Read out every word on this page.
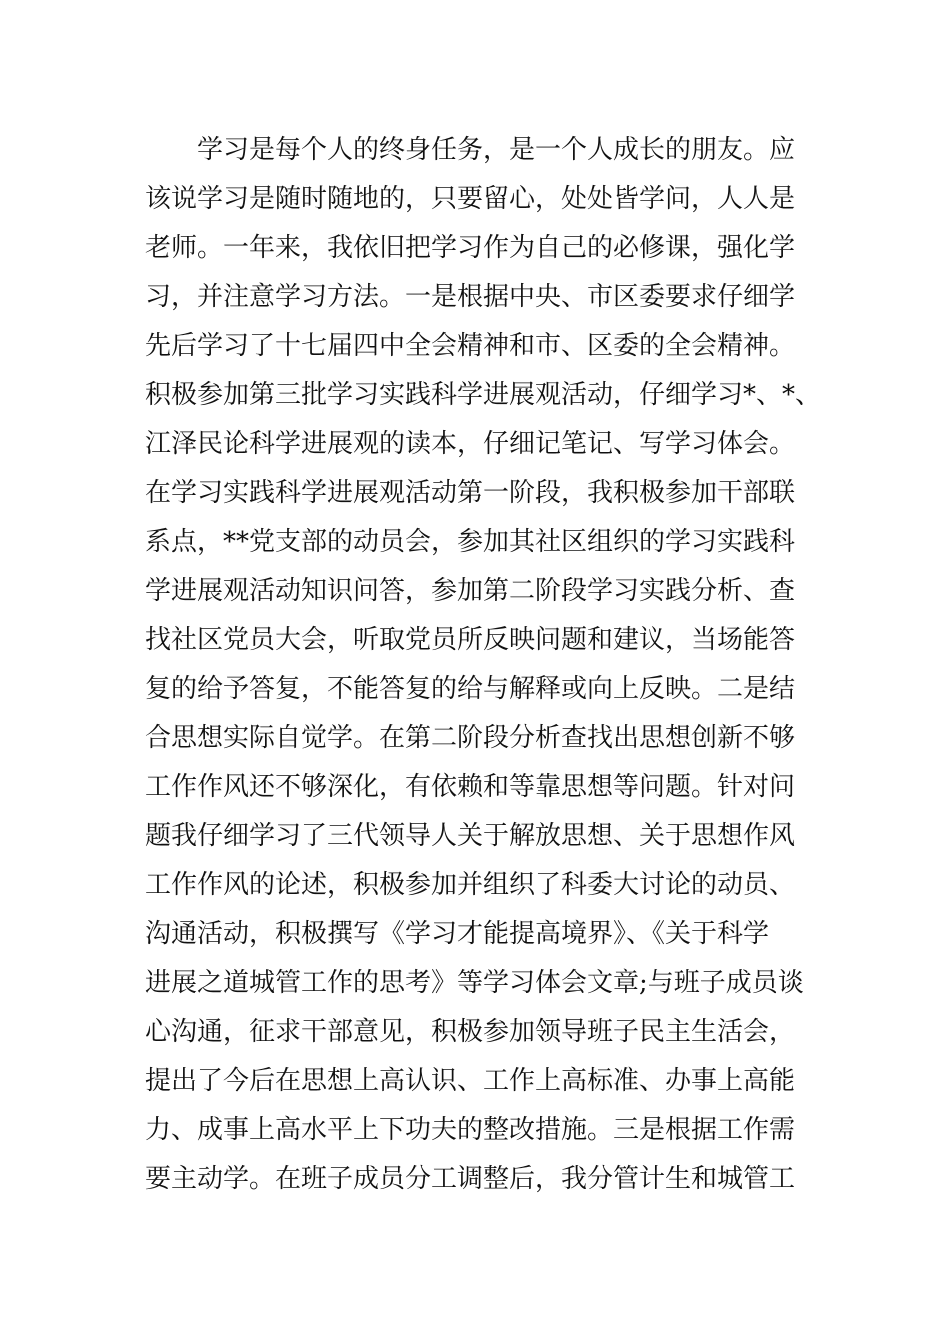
学习是每个人的终身任务，是一个人成长的朋友。应
该说学习是随时随地的，只要留心，处处皆学问，人人是
老师。一年来，我依旧把学习作为自己的必修课，强化学
习，并注意学习方法。一是根据中央、市区委要求仔细学
先后学习了十七届四中全会精神和市、区委的全会精神。
积极参加第三批学习实践科学进展观活动，仔细学习*、*、
江泽民论科学进展观的读本，仔细记笔记、写学习体会。
在学习实践科学进展观活动第一阶段，我积极参加干部联
系点，**党支部的动员会，参加其社区组织的学习实践科
学进展观活动知识问答，参加第二阶段学习实践分析、查
找社区党员大会，听取党员所反映问题和建议，当场能答
复的给予答复，不能答复的给与解释或向上反映。二是结
合思想实际自觉学。在第二阶段分析查找出思想创新不够
工作作风还不够深化，有依赖和等靠思想等问题。针对问
题我仔细学习了三代领导人关于解放思想、关于思想作风
工作作风的论述，积极参加并组织了科委大讨论的动员、
沟通活动，积极撰写《学习才能提高境界》、《关于科学
进展之道城管工作的思考》等学习体会文章;与班子成员谈
心沟通，征求干部意见，积极参加领导班子民主生活会，
提出了今后在思想上高认识、工作上高标准、办事上高能
力、成事上高水平上下功夫的整改措施。三是根据工作需
要主动学。在班子成员分工调整后，我分管计生和城管工
